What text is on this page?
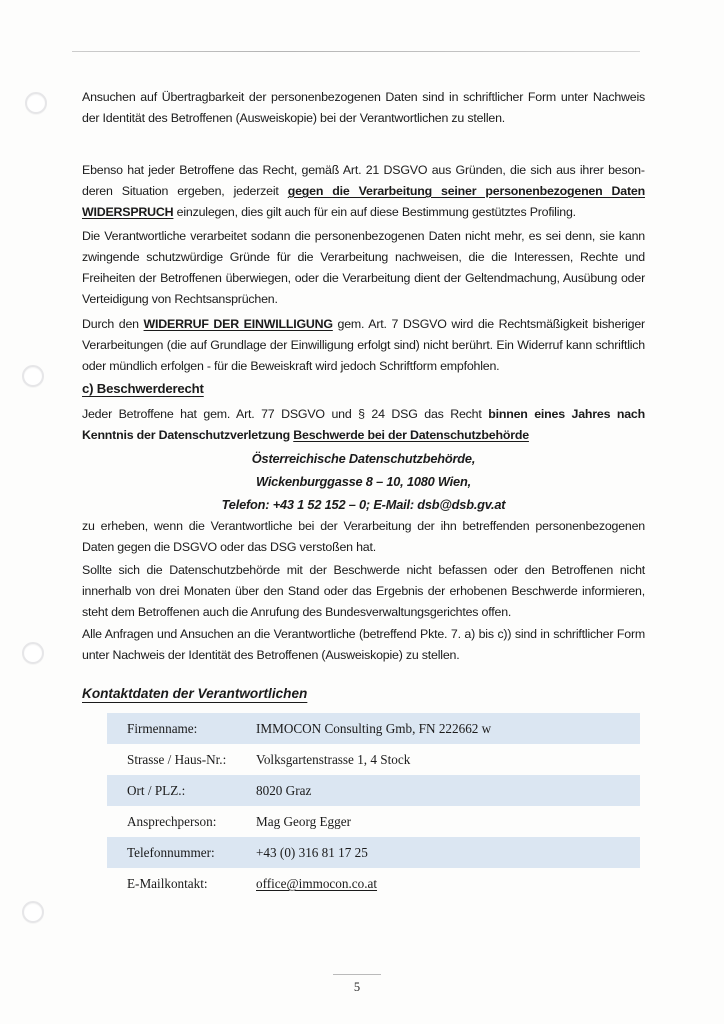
Ansuchen auf Übertragbarkeit der personenbezogenen Daten sind in schriftlicher Form unter Nachweis der Identität des Betroffenen (Ausweiskopie) bei der Verantwortlichen zu stellen.

Ebenso hat jeder Betroffene das Recht, gemäß Art. 21 DSGVO aus Gründen, die sich aus ihrer besonderen Situation ergeben, jederzeit gegen die Verarbeitung seiner personenbezogenen Daten WIDERSPRUCH einzulegen, dies gilt auch für ein auf diese Bestimmung gestütztes Profiling.

Die Verantwortliche verarbeitet sodann die personenbezogenen Daten nicht mehr, es sei denn, sie kann zwingende schutzwürdige Gründe für die Verarbeitung nachweisen, die die Interessen, Rechte und Freiheiten der Betroffenen überwiegen, oder die Verarbeitung dient der Geltendmachung, Ausübung oder Verteidigung von Rechtsansprüchen.

Durch den WIDERRUF DER EINWILLIGUNG gem. Art. 7 DSGVO wird die Rechtsmäßigkeit bisheriger Verarbeitungen (die auf Grundlage der Einwilligung erfolgt sind) nicht berührt. Ein Widerruf kann schriftlich oder mündlich erfolgen - für die Beweiskraft wird jedoch Schriftform empfohlen.

c) Beschwerderecht

Jeder Betroffene hat gem. Art. 77 DSGVO und § 24 DSG das Recht binnen eines Jahres nach Kenntnis der Datenschutzverletzung Beschwerde bei der Datenschutzbehörde

Österreichische Datenschutzbehörde,
Wickenburggasse 8 – 10, 1080 Wien,
Telefon: +43 1 52 152 – 0; E-Mail: dsb@dsb.gv.at

zu erheben, wenn die Verantwortliche bei der Verarbeitung der ihn betreffenden personenbezogenen Daten gegen die DSGVO oder das DSG verstoßen hat.

Sollte sich die Datenschutzbehörde mit der Beschwerde nicht befassen oder den Betroffenen nicht innerhalb von drei Monaten über den Stand oder das Ergebnis der erhobenen Beschwerde informieren, steht dem Betroffenen auch die Anrufung des Bundesverwaltungsgerichtes offen.

Alle Anfragen und Ansuchen an die Verantwortliche (betreffend Pkte. 7. a) bis c)) sind in schriftlicher Form unter Nachweis der Identität des Betroffenen (Ausweiskopie) zu stellen.

Kontaktdaten der Verantwortlichen
Firmenname:	IMMOCON Consulting Gmb, FN 222662 w
Strasse / Haus-Nr.:	Volksgartenstrasse 1, 4 Stock
Ort / PLZ.:	8020 Graz
Ansprechperson:	Mag Georg Egger
Telefonnummer:	+43 (0) 316 81 17 25
E-Mailkontakt:	office@immocon.co.at
5
